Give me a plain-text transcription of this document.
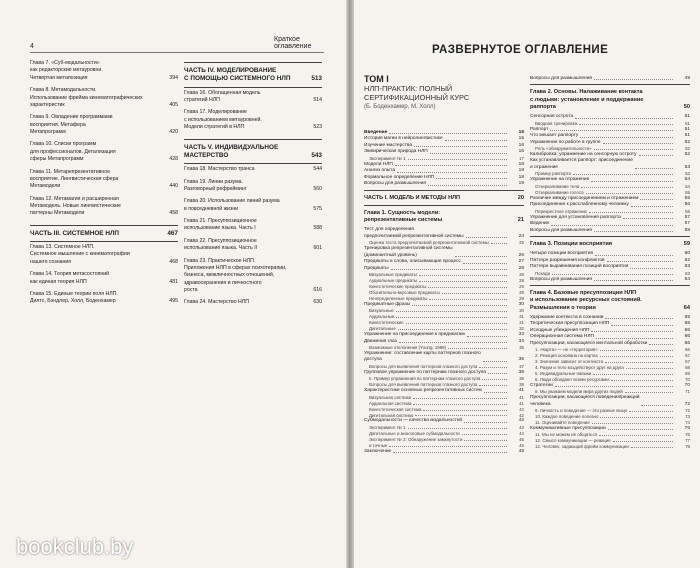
4
Краткое оглавление
Глава 7. «Суб-модальности»
как редакторские метауровни.
Четвертая метапозиция	394
Глава 8. Метамодальности.
Использование фрейма кинематографических
характеристик	405
Глава 9. Овладение программами
восприятия. Метафера
Метапрограмм	420
Глава 10. Списки программ
для профессионалов. Детализация
сферы Метапрограмм	428
Глава 11. Метарепрезентативное
восприятие. Лингвистическая сфера
Метамодели	440
Глава 12. Метамагия и расширенная
Метамодель. Новые лингвистические
паттерны Метамодели	458
ЧАСТЬ III. СИСТЕМНОЕ НЛП	467
Глава 13. Системное НЛП.
Системное мышление с кинематографии
нашего сознания	468
Глава 14. Теория метасостояний
как единая теория НЛП	481
Глава 15. Единые теории поля НЛП.
Дилтс, Бэндлер, Холл, Боденхамер	495
ЧАСТЬ IV. МОДЕЛИРОВАНИЕ
С ПОМОЩЬЮ СИСТЕМНОГО НЛП	513
Глава 16. Обогащенная модель
стратегий НЛП	514
Глава 17. Моделирование
с использованием метауровней.
Модели стратегий в НЛП	523
ЧАСТЬ V. ИНДИВИДУАЛЬНОЕ
МАСТЕРСТВО	543
Глава 18. Мастерство транса	544
Глава 19. Линии разума.
Разговорный рефрейминг	560
Глава 20. Использование линий разума
в повседневной жизни	575
Глава 21. Пресуппозиционное
использование языка. Часть I	588
Глава 22. Пресуппозиционное
использование языка. Часть II	601
Глава 23. Практическое НЛП.
Приложения НЛП в сферах психотерапии,
бизнеса, межличностных отношений,
здравоохранения и личностного
роста	616
Глава 24. Мастерство НЛП	630
РАЗВЕРНУТОЕ ОГЛАВЛЕНИЕ
ТОМ I
НЛП-ПРАКТИК: ПОЛНЫЙ
СЕРТИФИКАЦИОННЫЙ КУРС
(Б. Боденхамер, М. Холл)
Введение	15
История магии в нейролингвистике	15
Изучение мастерства	16
Эмпирическая природа НЛП	16
Эксперимент № 1	17
Модели НЛП	18
Анализ опыта	18
Формальное определение НЛП	18
Вопросы для размышления	19
ЧАСТЬ I. МОДЕЛЬ И МЕТОДЫ НЛП	20
Глава 1. Сущность модели:
репрезентативные системы	21
Тест для определения
предпочитаемой репрезентативной системы	24
Оценка теста предпочитаемой репрезентативной системы	25
Тренировка репрезентативной системы
(доминантный уровень)	26
Предикаты и слова, описывающие процесс	27
Предикаты	28
Визуальные предикаты	28
Аудиальные предикаты	28
Кинестетические предикаты	29
Обонятельно-вкусовые предикаты	29
Неопределенные предикаты	29
Предикатные фразы	30
Визуальные	30
Аудиальные	31
Кинестетические	31
Дигитальные	32
Упражнение на присоединение к предикатам	33
Движения глаз	34
Возможные отклонения (Young, 1999)	35
Упражнение: составление карты паттернов глазного
доступа	36
Вопросы для выявления паттернов глазного доступа	37
Групповое упражнение по паттернам глазного доступа	38
II. Пример упражнения по паттернам глазного доступа	38
Вопросы для выявления паттернов глазного доступа	39
Характеристики основных репрезентативных систем	41
Визуальная система	41
Аудиальная система	41
Кинестетическая система	42
Дигитальная система	42
Субмодальности — качества модальностей	42
Эксперимент № 1	43
Дигитальные и аналоговые субмодальности	44
Эксперимент № 2: Обнаружение замкнутости	45
и точные	45
Заключение	48
Вопросы для размышления	49
Глава 2. Основы. Налаживание контакта
с людьми: установление и поддержание
раппорта	50
Сенсорная острота	51
Вводная тренировка	51
Раппорт	51
Что мешает раппорту	51
Упражнение по работе в группе	52
Роль «обнаружительности»	52
Калибровка: упражнение на сенсорную остроту	52
Как устанавливается раппорт: присоединение
и отражение	53
Пример раппорта	53
Упражнение на отражение	54
Отзеркаливание тела	54
Отзеркаливание голоса	55
Различие между присоединением и отражением	55
Присоединение к расслабленному человеку	56
Перекрестное отражение	56
Упражнение для установления раппорта	57
Ведение	57
Вопросы для размышления	58
Глава 3. Позиции восприятия	59
Четыре позиции восприятия	60
Паттерн разрешения конфликтов	62
Паттерн выравнивания позиций восприятия	63
Позади	63
Вопросы для размышления	64
Глава 4. Базовые пресуппозиции НЛП
и использование ресурсных состояний.
Размышления о теории	64
Удержание контекста в сознании	65
Теоретическая пресуппозиция НЛП	65
Исходные убеждения НЛП	66
Операционная система НЛП	66
Пресуппозиции, касающиеся ментальной обработки	66
1. «Карта» — не «территория»	66
2. Реакция основана на картах	67
3. Значение зависит от контекста	67
4. Разум и тело воздействуют друг на друга	68
5. Индивидуальные навыки	69
6. Люди обладают всеми ресурсами	70
Стратегии	70
8. Мы уважаем модели мира других людей	71
Пресуппозиции, касающиеся поведения/реакций
человека	72
9. Личность и поведение — это разные вещи	72
10. Каждое поведение полезно	73
11. Оценивайте поведение	74
Коммуникативные пресуппозиции	76
11. Мы не можем не общаться	76
12. Смысл коммуникации — реакция	77
12. Человек, задающий фрейм коммуникации	78
bookclub.by
